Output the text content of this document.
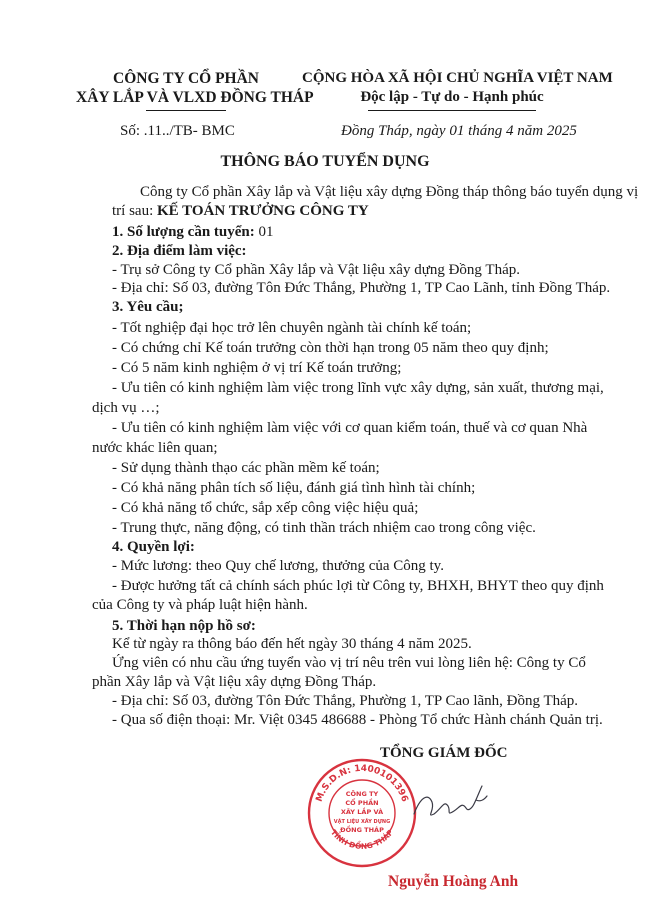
CÔNG TY CỔ PHẦN
XÂY LẮP VÀ VLXD ĐỒNG THÁP
CỘNG HÒA XÃ HỘI CHỦ NGHĨA VIỆT NAM
Độc lập - Tự do - Hạnh phúc
Số: .11../TB- BMC	Đồng Tháp, ngày 01 tháng 4 năm 2025
THÔNG BÁO TUYỂN DỤNG
Công ty Cổ phần Xây lắp và Vật liệu xây dựng Đồng tháp thông báo tuyển dụng vị
trí sau: KẾ TOÁN TRƯỞNG CÔNG TY
1. Số lượng cần tuyển: 01
2. Địa điểm làm việc:
- Trụ sở Công ty Cổ phần Xây lắp và Vật liệu xây dựng Đồng Tháp.
- Địa chỉ: Số 03, đường Tôn Đức Thắng, Phường 1, TP Cao Lãnh, tỉnh Đồng Tháp.
3. Yêu cầu;
- Tốt nghiệp đại học trở lên chuyên ngành tài chính kế toán;
- Có chứng chỉ Kế toán trưởng còn thời hạn trong 05 năm theo quy định;
- Có 5 năm kinh nghiệm ở vị trí Kế toán trưởng;
- Ưu tiên có kinh nghiệm làm việc trong lĩnh vực xây dựng, sản xuất, thương mại,
dịch vụ …;
- Ưu tiên có kinh nghiệm làm việc với cơ quan kiểm toán, thuế và cơ quan Nhà
nước khác liên quan;
- Sử dụng thành thạo các phần mềm kế toán;
- Có khả năng phân tích số liệu, đánh giá tình hình tài chính;
- Có khả năng tổ chức, sắp xếp công việc hiệu quả;
- Trung thực, năng động, có tinh thần trách nhiệm cao trong công việc.
4. Quyền lợi:
- Mức lương: theo Quy chế lương, thưởng của Công ty.
- Được hưởng tất cả chính sách phúc lợi từ Công ty, BHXH, BHYT theo quy định
của Công ty và pháp luật hiện hành.
5. Thời hạn nộp hồ sơ:
Kể từ ngày ra thông báo đến hết ngày 30 tháng 4 năm 2025.
Ứng viên có nhu cầu ứng tuyển vào vị trí nêu trên vui lòng liên hệ: Công ty Cổ
phần Xây lắp và Vật liệu xây dựng Đồng Tháp.
- Địa chỉ: Số 03, đường Tôn Đức Thắng, Phường 1, TP Cao lãnh, Đồng Tháp.
- Qua số điện thoại: Mr. Việt 0345 486688 - Phòng Tổ chức Hành chánh Quản trị.
TỔNG GIÁM ĐỐC
M.S.D.N: 1400101396
TỈNH ĐỒNG THÁP
CÔNG TY
CỔ PHẦN
XÂY LẮP VÀ
VẬT LIỆU XÂY DỰNG
ĐỒNG THÁP
Nguyễn Hoàng Anh
